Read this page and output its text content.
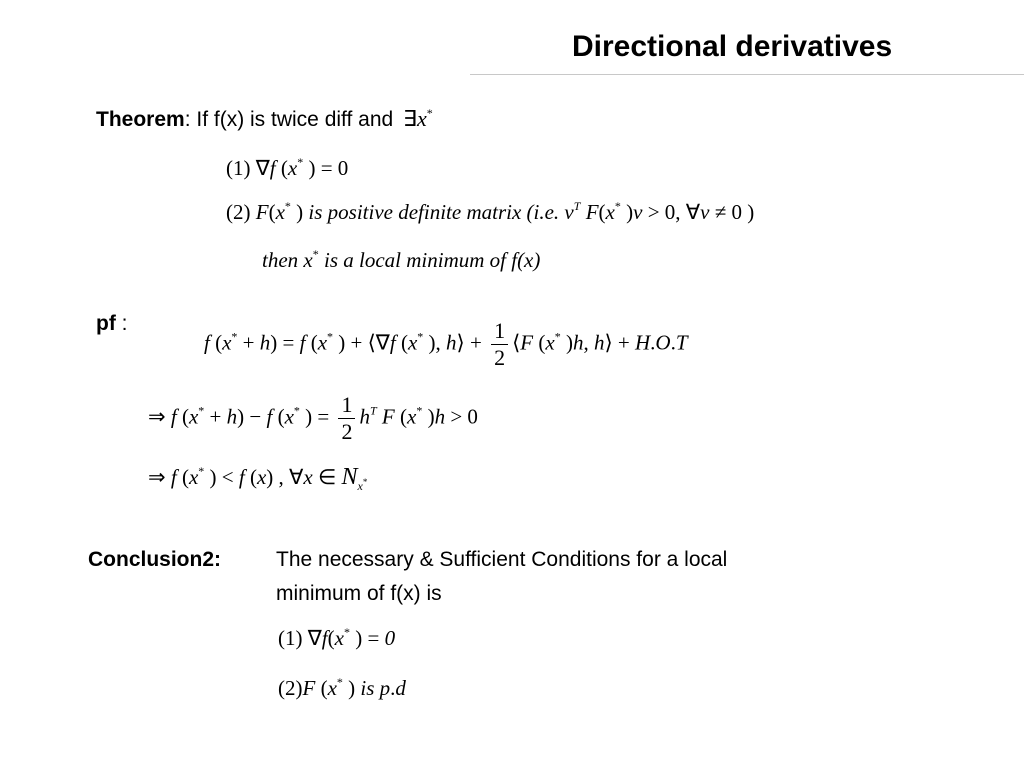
Directional derivatives
Theorem: If f(x) is twice diff and ∃x*
(1) ∇f (x* ) = 0
(2) F(x* ) is positive definite matrix (i.e. $v^T$ F(x* )v > 0, ∀v ≠ 0 )
then x* is a local minimum of f(x)
pf :
f (x* + h) = f (x* ) + ⟨∇f (x* ), h⟩ + $\frac{1}{2}$ ⟨F (x* )h, h⟩ + H.O.T
⇒ f (x* + h) − f (x* ) = $\frac{1}{2} h^T$ F (x* )h > 0
⇒ f (x* ) < f (x) , ∀x ∈ $N_{x^*}$
Conclusion2:	The necessary & Sufficient Conditions for a local
minimum of f(x) is
(1) ∇f(x* ) = 0
(2)F (x* ) is p.d
